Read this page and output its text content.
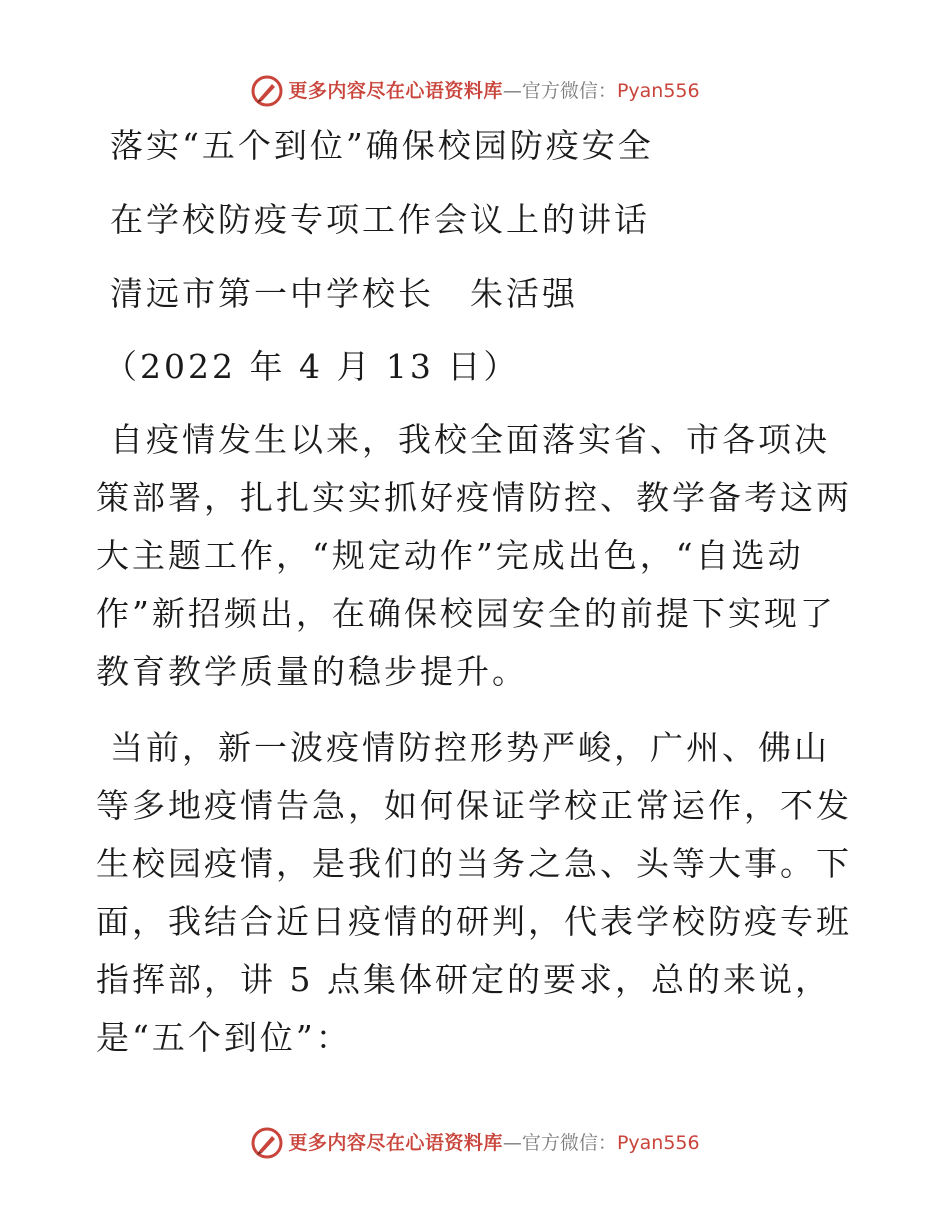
更多内容尽在心语资料库 —官方微信： Pyan556
落实“五个到位”确保校园防疫安全
在学校防疫专项工作会议上的讲话
清远市第一中学校长　朱活强
（2022 年 4 月 13 日）

自疫情发生以来，我校全面落实省、市各项决策部署，扎扎实实抓好疫情防控、教学备考这两大主题工作，“规定动作”完成出色，“自选动作”新招频出，在确保校园安全的前提下实现了教育教学质量的稳步提升。

当前，新一波疫情防控形势严峻，广州、佛山等多地疫情告急，如何保证学校正常运作，不发生校园疫情，是我们的当务之急、头等大事。下面，我结合近日疫情的研判，代表学校防疫专班指挥部，讲 5 点集体研定的要求，总的来说，是“五个到位”：

更多内容尽在心语资料库 —官方微信： Pyan556
